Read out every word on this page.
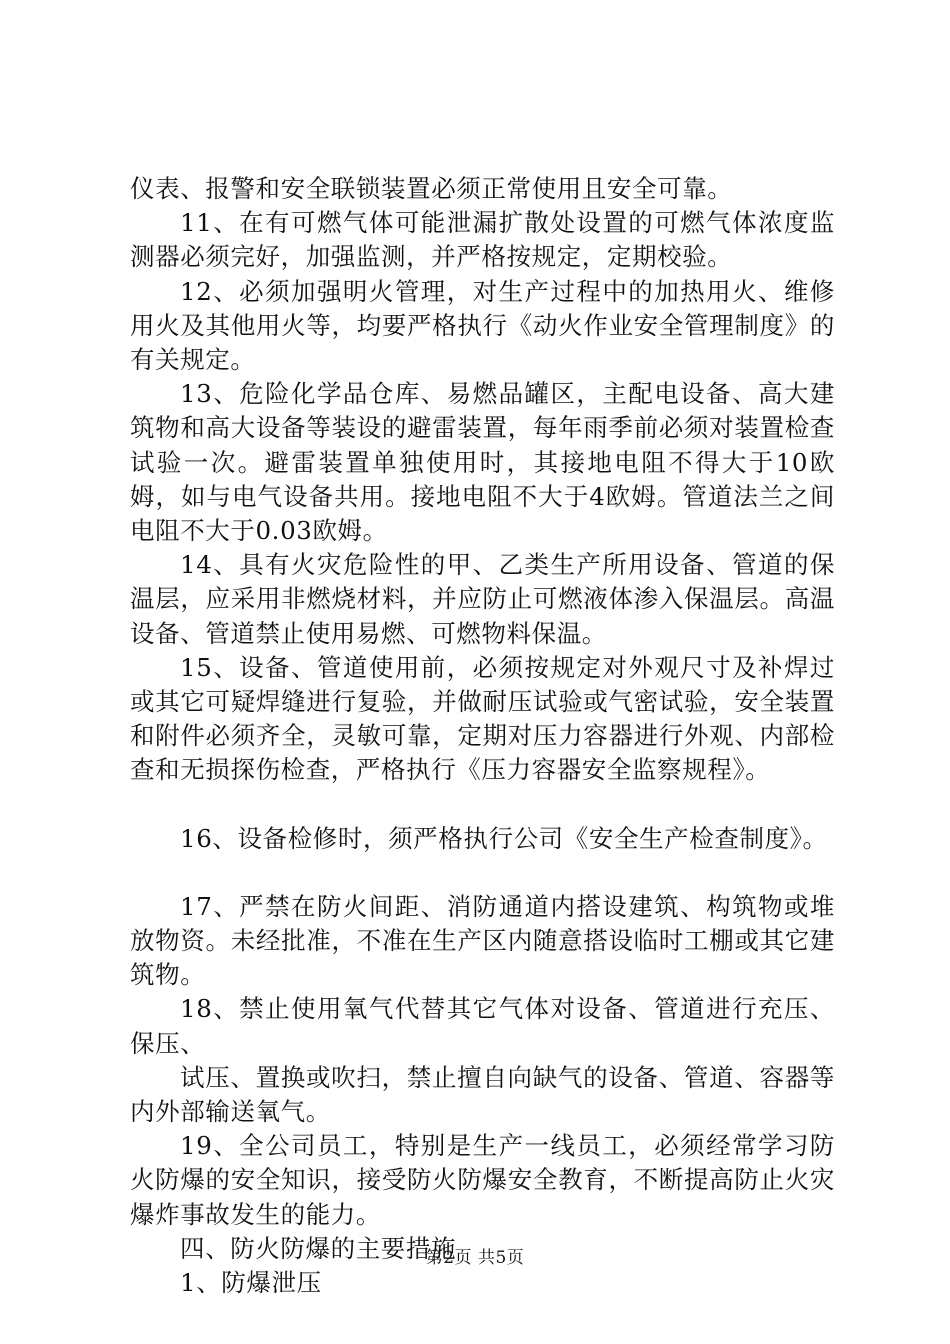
仪表、报警和安全联锁装置必须正常使用且安全可靠。

11、在有可燃气体可能泄漏扩散处设置的可燃气体浓度监测器必须完好，加强监测，并严格按规定，定期校验。

12、必须加强明火管理，对生产过程中的加热用火、维修用火及其他用火等，均要严格执行《动火作业安全管理制度》的有关规定。

13、危险化学品仓库、易燃品罐区，主配电设备、高大建筑物和高大设备等装设的避雷装置，每年雨季前必须对装置检查试验一次。避雷装置单独使用时，其接地电阻不得大于10欧姆，如与电气设备共用。接地电阻不大于4欧姆。管道法兰之间电阻不大于0.03欧姆。

14、具有火灾危险性的甲、乙类生产所用设备、管道的保温层，应采用非燃烧材料，并应防止可燃液体渗入保温层。高温设备、管道禁止使用易燃、可燃物料保温。

15、设备、管道使用前，必须按规定对外观尺寸及补焊过或其它可疑焊缝进行复验，并做耐压试验或气密试验，安全装置和附件必须齐全，灵敏可靠，定期对压力容器进行外观、内部检查和无损探伤检查，严格执行《压力容器安全监察规程》。

16、设备检修时，须严格执行公司《安全生产检查制度》。

17、严禁在防火间距、消防通道内搭设建筑、构筑物或堆放物资。未经批准，不准在生产区内随意搭设临时工棚或其它建筑物。

18、禁止使用氧气代替其它气体对设备、管道进行充压、保压、

试压、置换或吹扫，禁止擅自向缺气的设备、管道、容器等内外部输送氧气。

19、全公司员工，特别是生产一线员工，必须经常学习防火防爆的安全知识，接受防火防爆安全教育，不断提高防止火灾爆炸事故发生的能力。

四、防火防爆的主要措施

1、防爆泄压

第2页 共5页
